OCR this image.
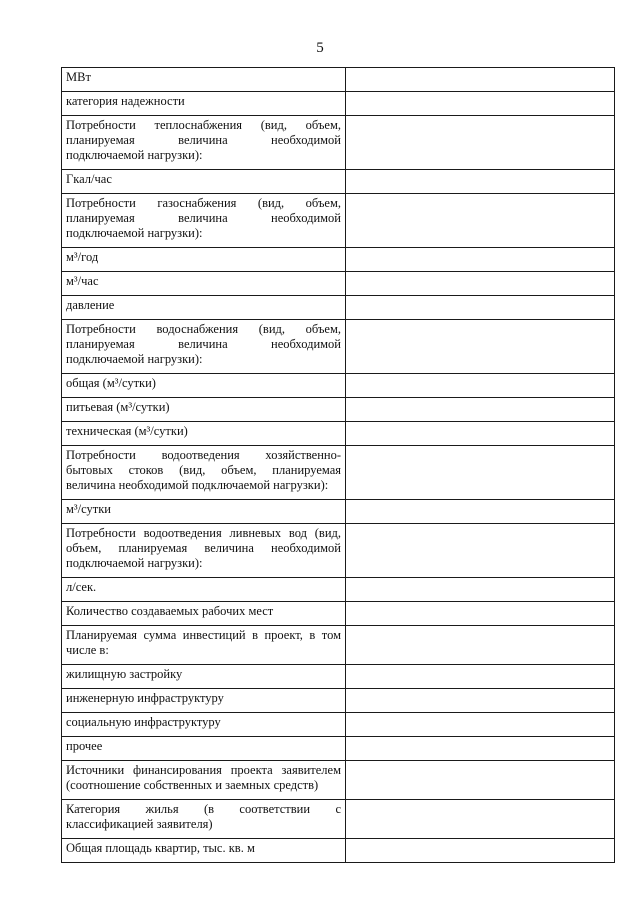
5
МВт	
категория надежности	
Потребности теплоснабжения (вид, объем, планируемая величина необходимой подключаемой нагрузки):	
Гкал/час	
Потребности газоснабжения (вид, объем, планируемая величина необходимой подключаемой нагрузки):	
м³/год	
м³/час	
давление	
Потребности водоснабжения (вид, объем, планируемая величина необходимой подключаемой нагрузки):	
общая (м³/сутки)	
питьевая (м³/сутки)	
техническая (м³/сутки)	
Потребности водоотведения хозяйственно-бытовых стоков (вид, объем, планируемая величина необходимой подключаемой нагрузки):	
м³/сутки	
Потребности водоотведения ливневых вод (вид, объем, планируемая величина необходимой подключаемой нагрузки):	
л/сек.	
Количество создаваемых рабочих мест	
Планируемая сумма инвестиций в проект, в том числе в:	
жилищную застройку	
инженерную инфраструктуру	
социальную инфраструктуру	
прочее	
Источники финансирования проекта заявителем (соотношение собственных и заемных средств)	
Категория жилья (в соответствии с классификацией заявителя)	
Общая площадь квартир, тыс. кв. м	
